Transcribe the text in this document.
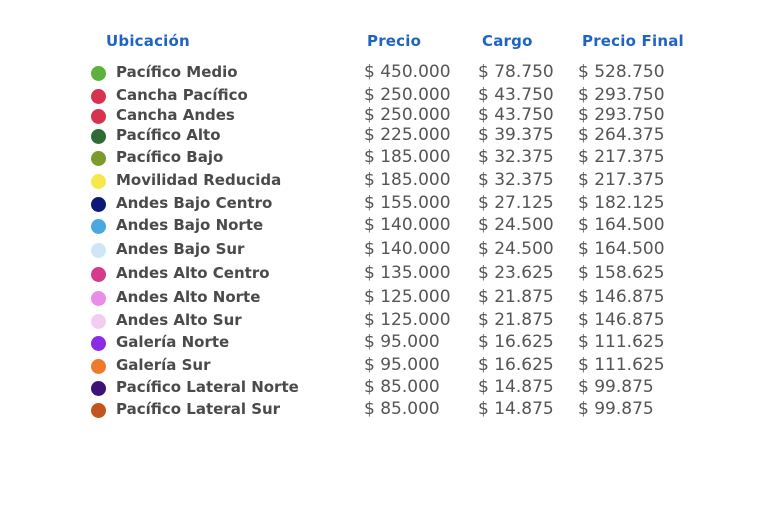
Ubicación	Precio	Cargo	Precio Final
Pacífico Medio	$ 450.000 $ 78.750 $ 528.750
Cancha Pacífico	$ 250.000 $ 43.750 $ 293.750
Cancha Andes	$ 250.000 $ 43.750 $ 293.750
Pacífico Alto	$ 225.000 $ 39.375 $ 264.375
Pacífico Bajo	$ 185.000 $ 32.375 $ 217.375
Movilidad Reducida	$ 185.000 $ 32.375 $ 217.375
Andes Bajo Centro	$ 155.000 $ 27.125 $ 182.125
Andes Bajo Norte	$ 140.000 $ 24.500 $ 164.500
Andes Bajo Sur	$ 140.000 $ 24.500 $ 164.500
Andes Alto Centro	$ 135.000 $ 23.625 $ 158.625
Andes Alto Norte	$ 125.000 $ 21.875 $ 146.875
Andes Alto Sur	$ 125.000 $ 21.875 $ 146.875
Galería Norte	$ 95.000 $ 16.625 $ 111.625
Galería Sur	$ 95.000 $ 16.625 $ 111.625
Pacífico Lateral Norte	$ 85.000 $ 14.875 $ 99.875
Pacífico Lateral Sur	$ 85.000 $ 14.875 $ 99.875
